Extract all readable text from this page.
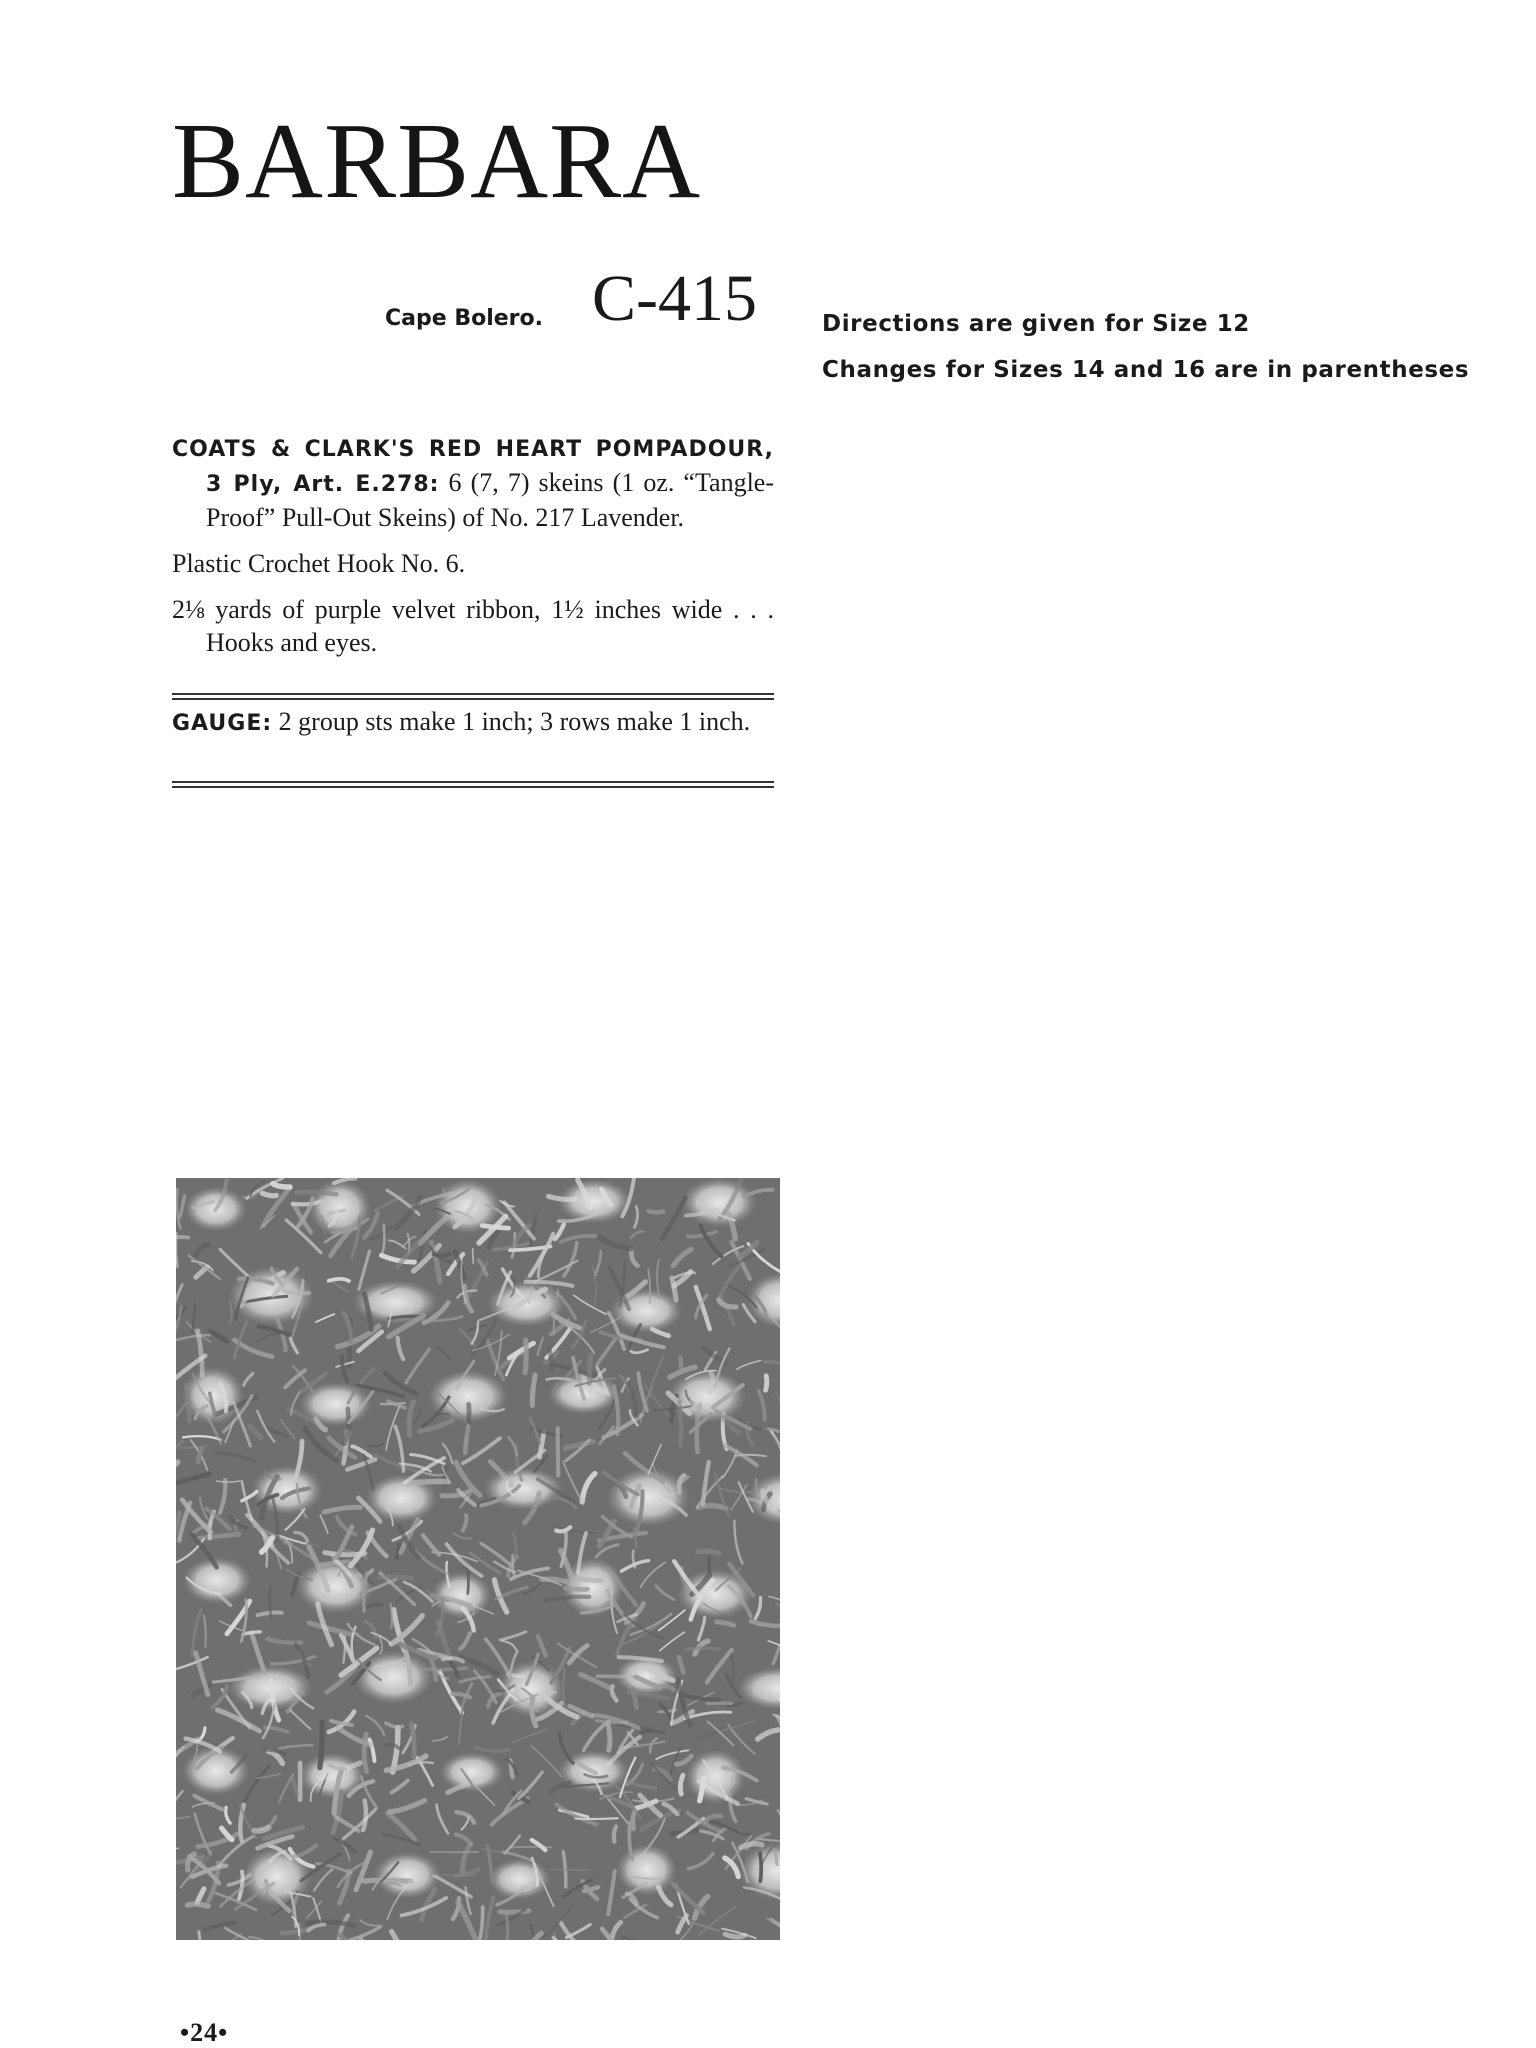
BARBARA
Cape Bolero. C-415	Directions are given for Size 12
Changes for Sizes 14 and 16 are in parentheses

COATS & CLARK'S RED HEART POMPADOUR, 3 Ply, Art. E.278: 6 (7, 7) skeins (1 oz. “Tangle-Proof” Pull-Out Skeins) of No. 217 Lavender.

Plastic Crochet Hook No. 6.

2⅛ yards of purple velvet ribbon, 1½ inches wide . . . Hooks and eyes.

GAUGE: 2 group sts make 1 inch; 3 rows make 1 inch.

•24•
